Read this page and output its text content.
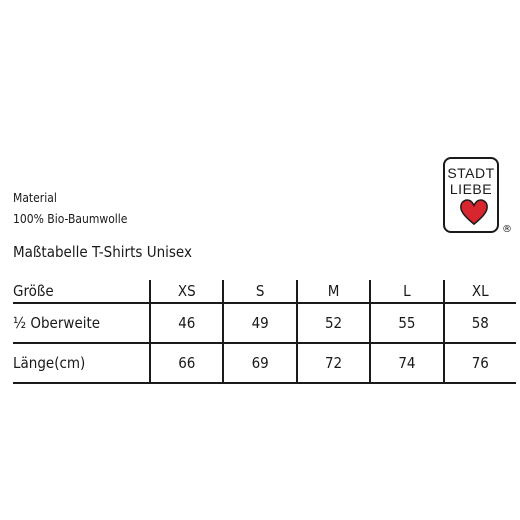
STADT
LIEBE
®
Material
100% Bio-Baumwolle
Maßtabelle T-Shirts Unisex
Größe	XS	S	M	L	XL
½ Oberweite	46	49	52	55	58
Länge(cm)	66	69	72	74	76
